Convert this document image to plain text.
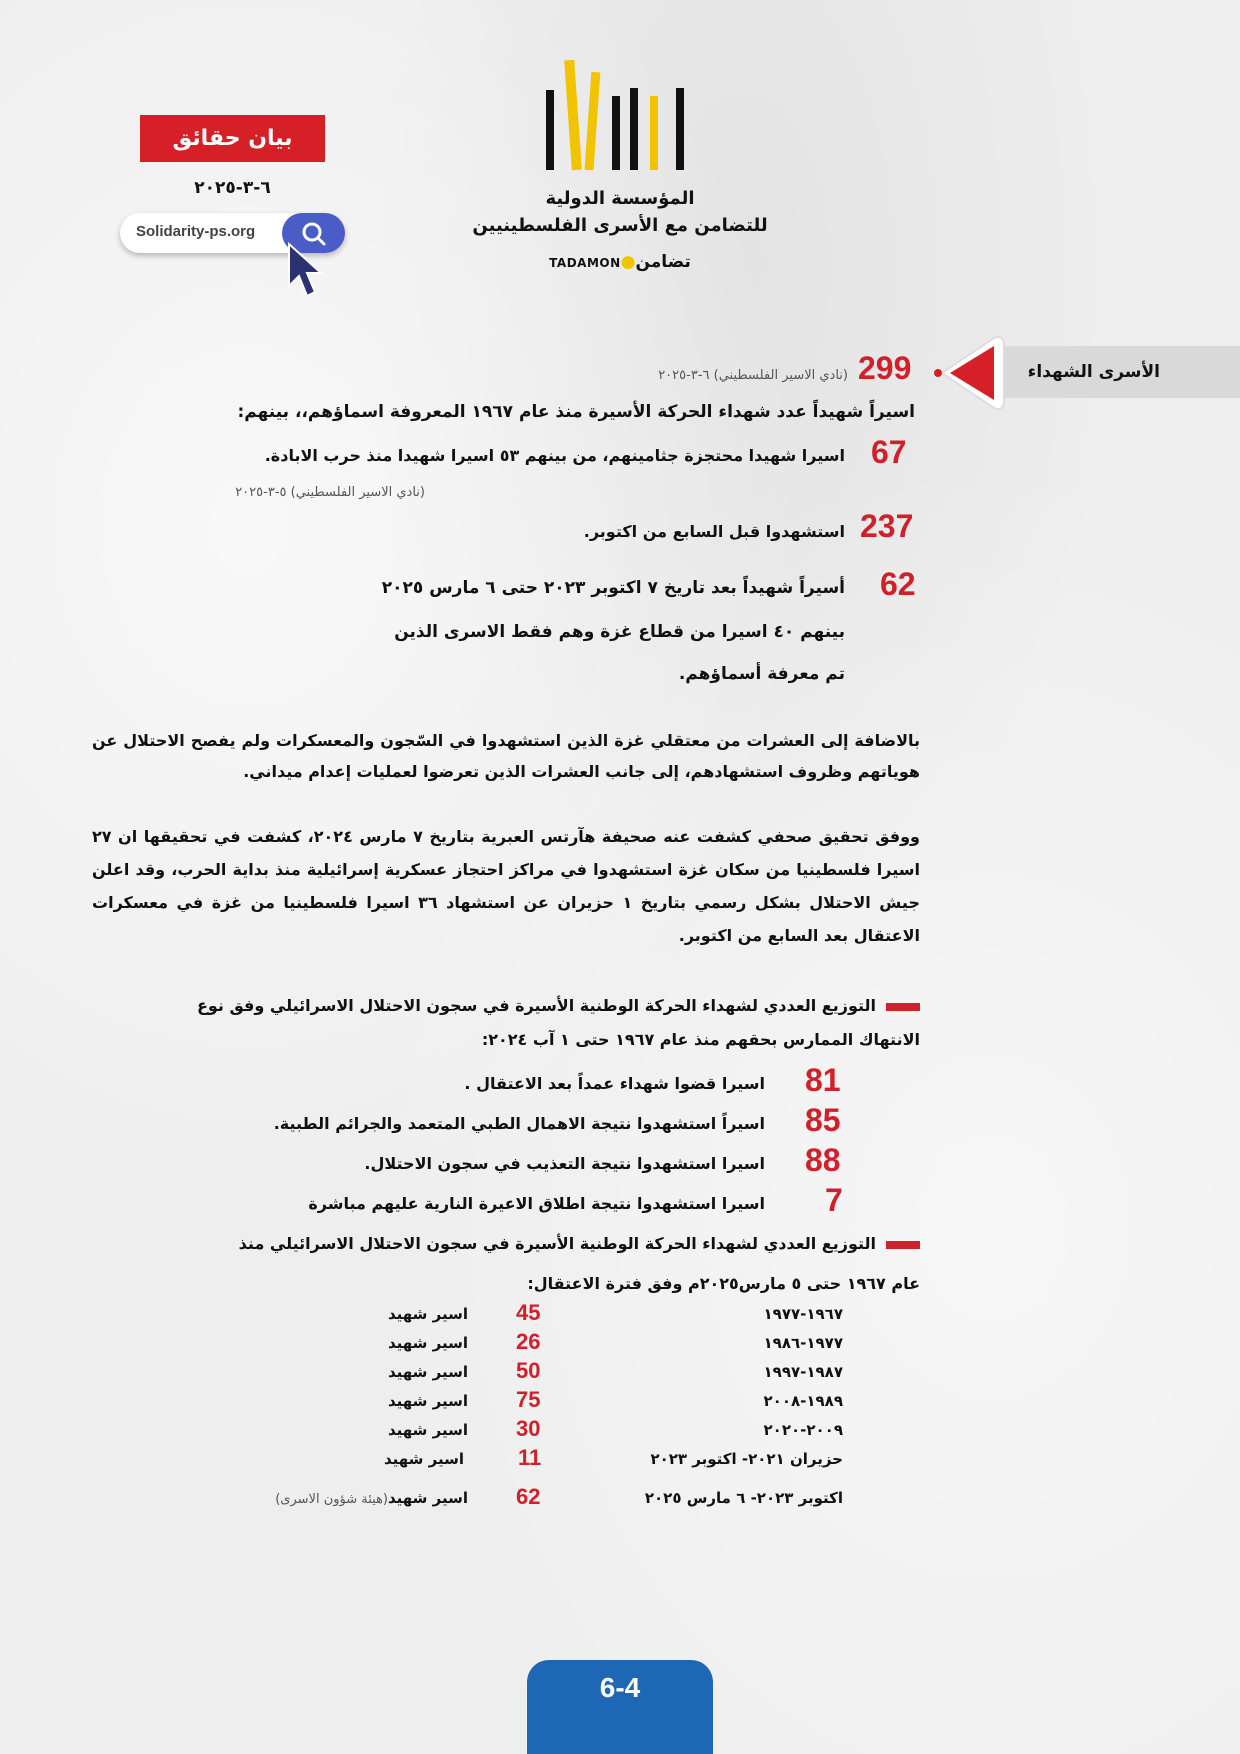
المؤسسة الدولية
للتضامن مع الأسرى الفلسطينيين
TADAMON●تضامن
بيان حقائق
٦-٣-٢٠٢٥
Solidarity-ps.org
الأسرى الشهداء
299
(نادي الاسير الفلسطيني) ٦-٣-٢٠٢٥
اسيراً شهيداً عدد شهداء الحركة الأسيرة منذ عام ١٩٦٧ المعروفة اسماؤهم،، بينهم:
67
اسيرا شهيدا محتجزة جثامينهم، من بينهم ٥٣ اسيرا شهيدا منذ حرب الابادة.
(نادي الاسير الفلسطيني) ٥-٣-٢٠٢٥
237
استشهدوا قبل السابع من اكتوبر.
62
أسيراً شهيداً بعد تاريخ ٧ اكتوبر ٢٠٢٣ حتى ٦ مارس ٢٠٢٥
بينهم ٤٠ اسيرا من قطاع غزة وهم فقط الاسرى الذين
تم معرفة أسماؤهم.
بالاضافة إلى العشرات من معتقلي غزة الذين استشهدوا في السّجون والمعسكرات ولم يفصح الاحتلال عن هوياتهم وظروف استشهادهم، إلى جانب العشرات الذين تعرضوا لعمليات إعدام ميداني.
ووفق تحقيق صحفي كشفت عنه صحيفة هآرتس العبرية بتاريخ ٧ مارس ٢٠٢٤، كشفت في تحقيقها ان ٢٧ اسيرا فلسطينيا من سكان غزة استشهدوا في مراكز احتجاز عسكرية إسرائيلية منذ بداية الحرب، وقد اعلن جيش الاحتلال بشكل رسمي بتاريخ ١ حزيران عن استشهاد ٣٦ اسيرا فلسطينيا من غزة في معسكرات الاعتقال بعد السابع من اكتوبر.
التوزيع العددي لشهداء الحركة الوطنية الأسيرة في سجون الاحتلال الاسرائيلي وفق نوع
الانتهاك الممارس بحقهم منذ عام ١٩٦٧ حتى ١ آب ٢٠٢٤:
81
اسيرا قضوا شهداء عمداً بعد الاعتقال .
85
اسيراً استشهدوا نتيجة الاهمال الطبي المتعمد والجرائم الطبية.
88
اسيرا استشهدوا نتيجة التعذيب في سجون الاحتلال.
7
اسيرا استشهدوا نتيجة اطلاق الاعيرة النارية عليهم مباشرة
التوزيع العددي لشهداء الحركة الوطنية الأسيرة في سجون الاحتلال الاسرائيلي منذ
عام ١٩٦٧ حتى ٥ مارس٢٠٢٥م وفق فترة الاعتقال:
١٩٦٧-١٩٧٧
45
اسير شهيد
١٩٧٧-١٩٨٦
26
اسير شهيد
١٩٨٧-١٩٩٧
50
اسير شهيد
١٩٨٩-٢٠٠٨
75
اسير شهيد
٢٠٠٩-٢٠٢٠
30
اسير شهيد
حزيران ٢٠٢١- اكتوبر ٢٠٢٣
11
اسير شهيد
اكتوبر ٢٠٢٣- ٦ مارس ٢٠٢٥
62
اسير شهيد
(هيئة شؤون الاسرى)
6-4
